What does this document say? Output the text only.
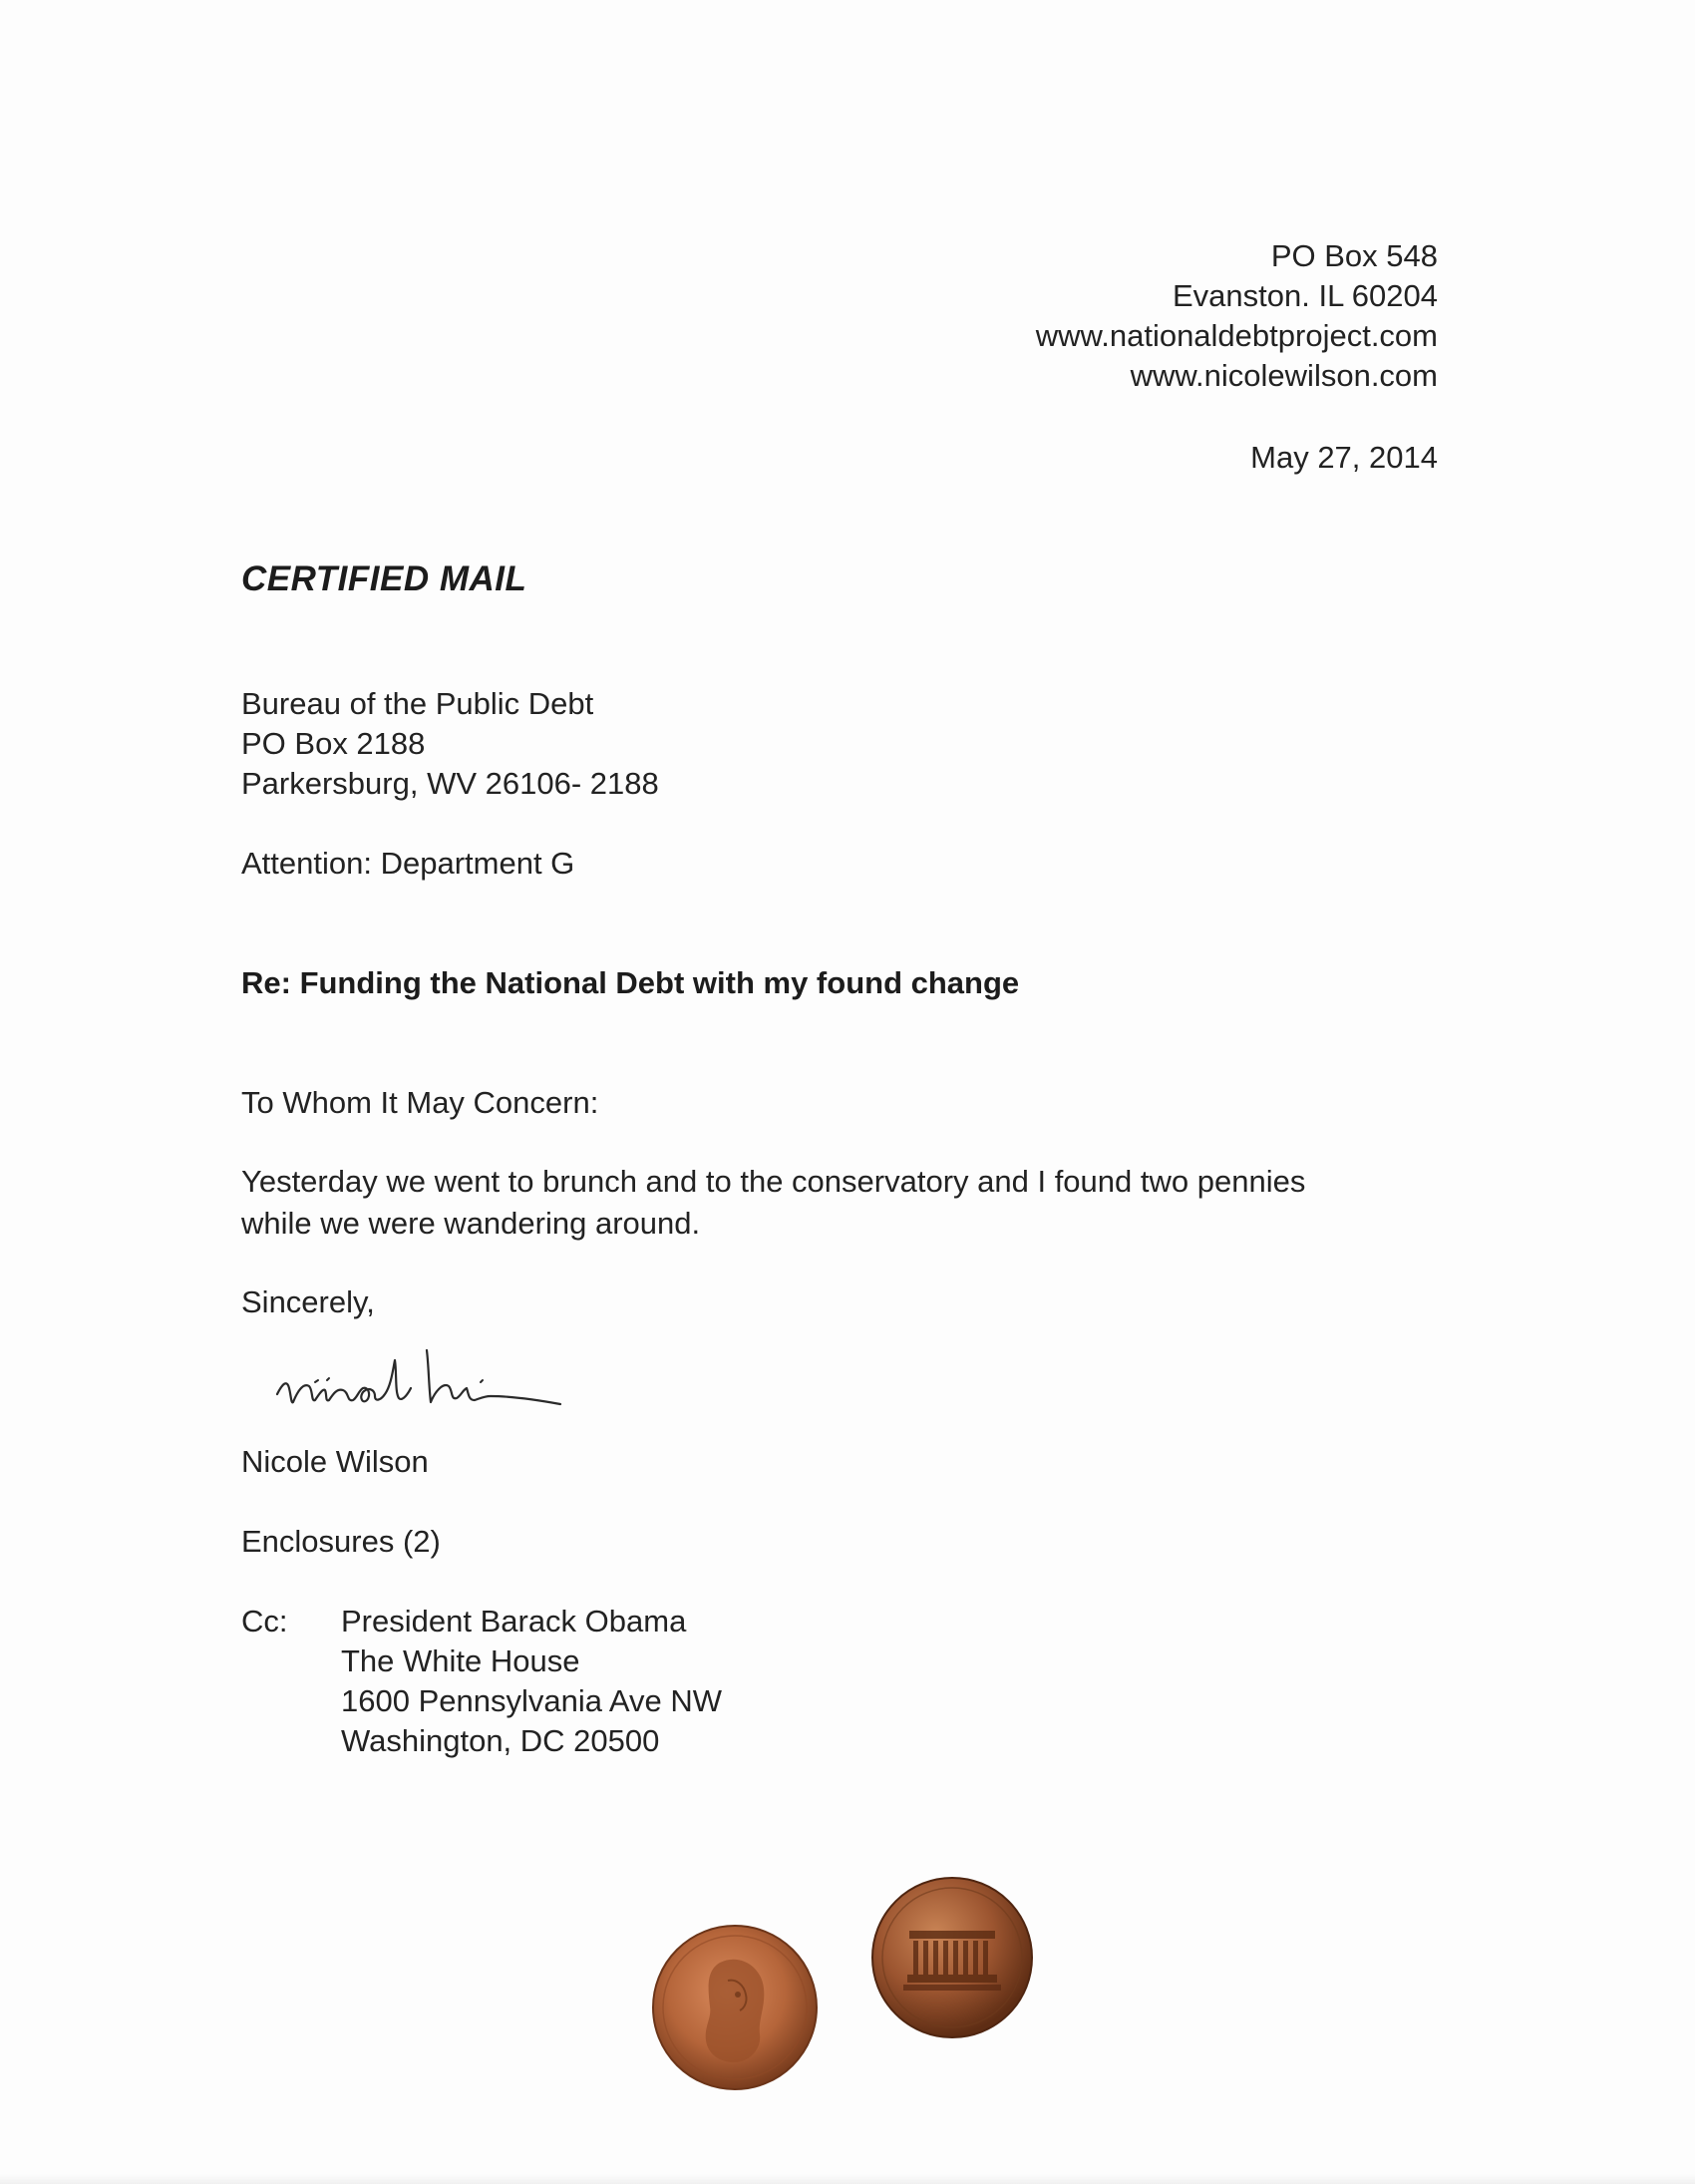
PO Box 548
Evanston. IL 60204
www.nationaldebtproject.com
www.nicolewilson.com
May 27, 2014
CERTIFIED MAIL
Bureau of the Public Debt
PO Box 2188
Parkersburg, WV 26106- 2188
Attention: Department G
Re: Funding the National Debt with my found change
To Whom It May Concern:
Yesterday we went to brunch and to the conservatory and I found two pennies
while we were wandering around.
Sincerely,
Nicole Wilson
Enclosures (2)
Cc: President Barack Obama
The White House
1600 Pennsylvania Ave NW
Washington, DC 20500
